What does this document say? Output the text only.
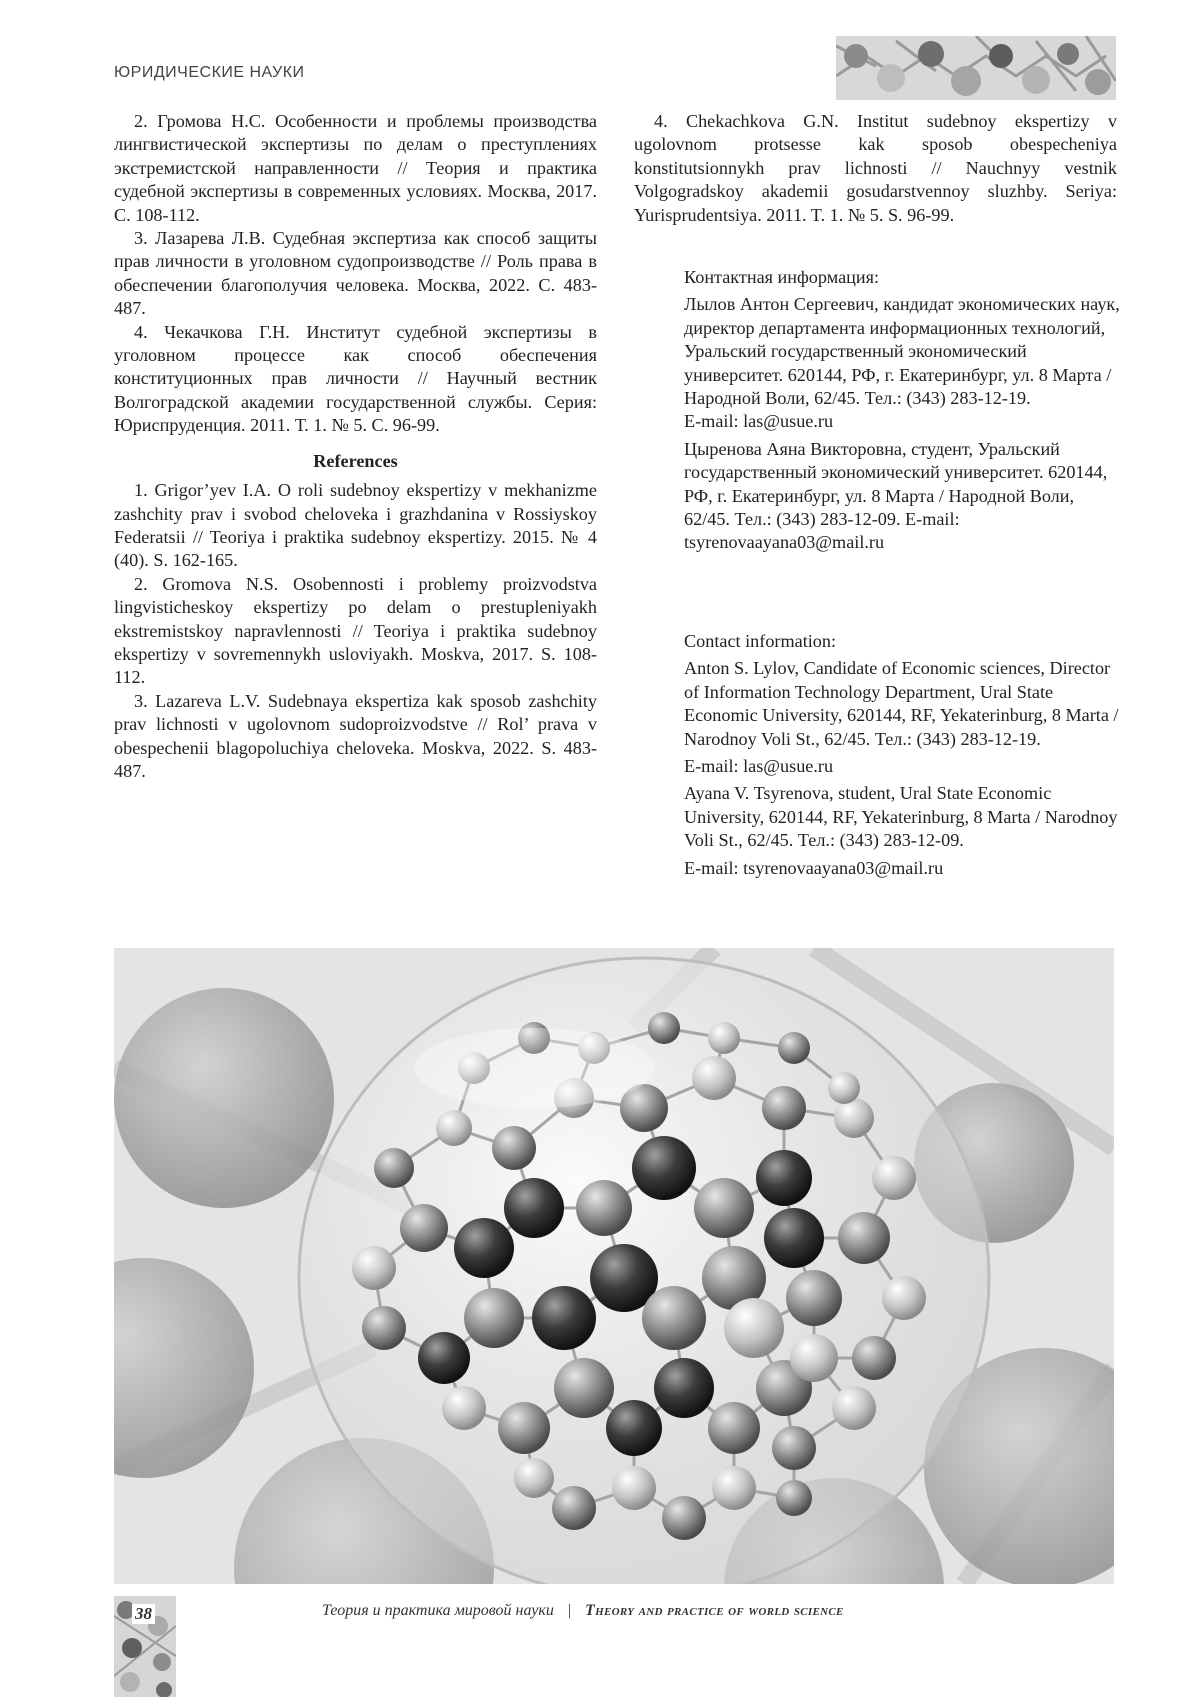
ЮРИДИЧЕСКИЕ НАУКИ

2. Громова Н.С. Особенности и проблемы производства лингвистической экспертизы по делам о преступлениях экстремистской направленности // Теория и практика судебной экспертизы в современных условиях. Москва, 2017. С. 108-112.

3. Лазарева Л.В. Судебная экспертиза как способ защиты прав личности в уголовном судопроизводстве // Роль права в обеспечении благополучия человека. Москва, 2022. С. 483-487.

4. Чекачкова Г.Н. Институт судебной экспертизы в уголовном процессе как способ обеспечения конституционных прав личности // Научный вестник Волгоградской академии государственной службы. Серия: Юриспруденция. 2011. Т. 1. № 5. С. 96-99.

References

1. Grigor’yev I.A. O roli sudebnoy ekspertizy v mekhanizme zashchity prav i svobod cheloveka i grazhdanina v Rossiyskoy Federatsii // Teoriya i praktika sudebnoy ekspertizy. 2015. № 4 (40). S. 162-165.

2. Gromova N.S. Osobennosti i problemy proizvodstva lingvisticheskoy ekspertizy po delam o prestupleniyakh ekstremistskoy napravlennosti // Teoriya i praktika sudebnoy ekspertizy v sovremennykh usloviyakh. Moskva, 2017. S. 108-112.

3. Lazareva L.V. Sudebnaya ekspertiza kak sposob zashchity prav lichnosti v ugolovnom sudoproizvodstve // Rol’ prava v obespechenii blagopoluchiya cheloveka. Moskva, 2022. S. 483-487.

4. Chekachkova G.N. Institut sudebnoy ekspertizy v ugolovnom protsesse kak sposob obespecheniya konstitutsionnykh prav lichnosti // Nauchnyy vestnik Volgogradskoy akademii gosudarstvennoy sluzhby. Seriya: Yurisprudentsiya. 2011. T. 1. № 5. S. 96-99.

Контактная информация:

Лылов Антон Сергеевич, кандидат экономических наук, директор департамента информационных технологий, Уральский государственный экономический университет. 620144, РФ, г. Екатеринбург, ул. 8 Марта / Народной Воли, 62/45. Тел.: (343) 283-12-19.

E-mail: las@usue.ru

Цыренова Аяна Викторовна, студент, Уральский государственный экономический университет. 620144, РФ, г. Екатеринбург, ул. 8 Марта / Народной Воли, 62/45. Тел.: (343) 283-12-09. E-mail: tsyrenovaayana03@mail.ru

Contact information:

Anton S. Lylov, Candidate of Economic sciences, Director of Information Technology Department, Ural State Economic University, 620144, RF, Yekaterinburg, 8 Marta / Narodnoy Voli St., 62/45. Тел.: (343) 283-12-19.

E-mail: las@usue.ru

Ayana V. Tsyrenova, student, Ural State Economic University, 620144, RF, Yekaterinburg, 8 Marta / Narodnoy Voli St., 62/45. Тел.: (343) 283-12-09.

E-mail: tsyrenovaayana03@mail.ru

38	Теория и практика мировой науки | Theory and practice of world science
